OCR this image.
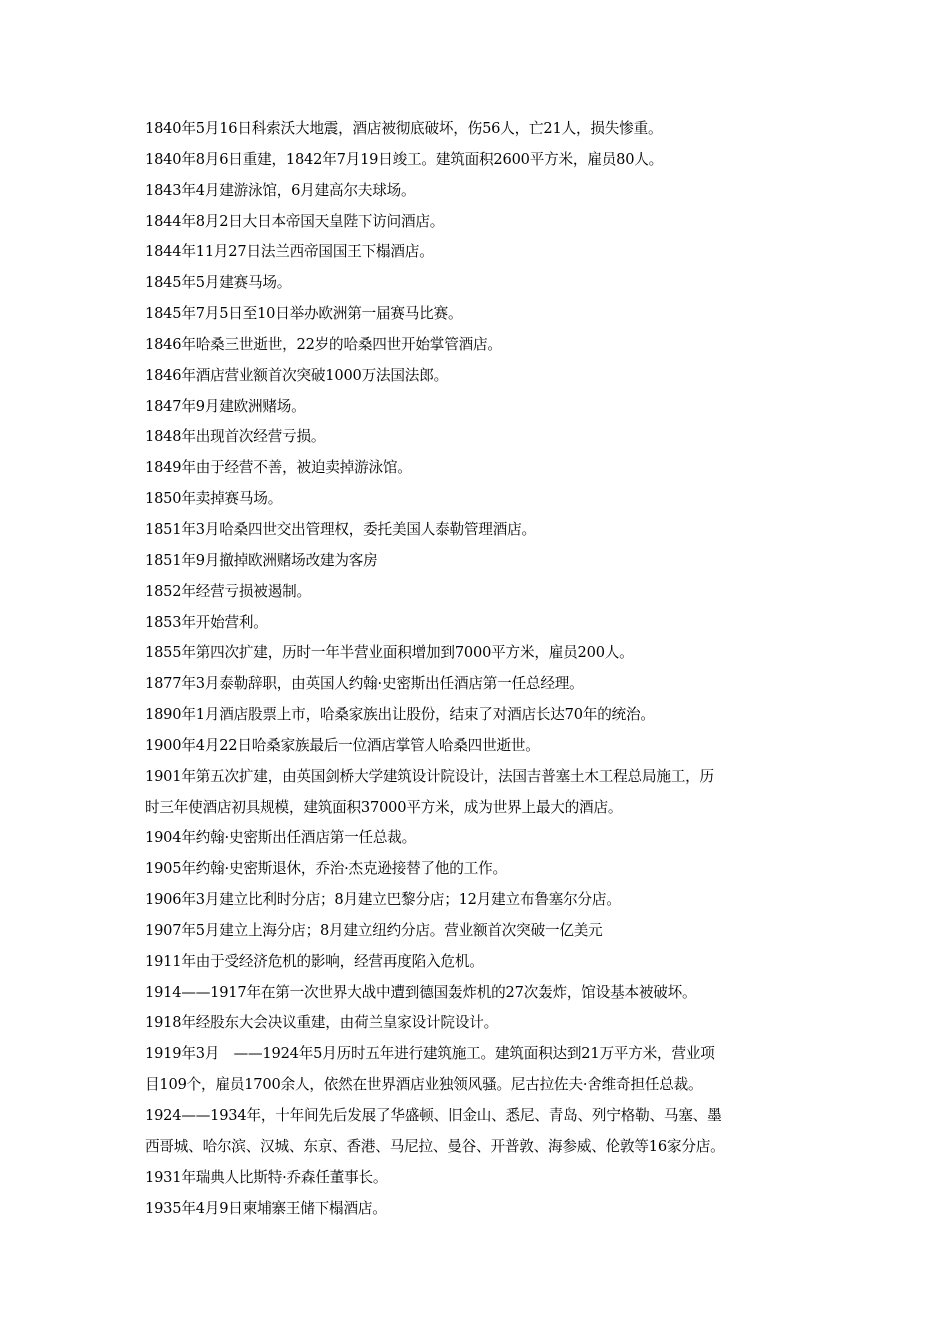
1840年5月16日科索沃大地震，酒店被彻底破坏，伤56人，亡21人，损失惨重。
1840年8月6日重建，1842年7月19日竣工。建筑面积2600平方米，雇员80人。
1843年4月建游泳馆，6月建高尔夫球场。
1844年8月2日大日本帝国天皇陛下访问酒店。
1844年11月27日法兰西帝国国王下榻酒店。
1845年5月建赛马场。
1845年7月5日至10日举办欧洲第一届赛马比赛。
1846年哈桑三世逝世，22岁的哈桑四世开始掌管酒店。
1846年酒店营业额首次突破1000万法国法郎。
1847年9月建欧洲赌场。
1848年出现首次经营亏损。
1849年由于经营不善，被迫卖掉游泳馆。
1850年卖掉赛马场。
1851年3月哈桑四世交出管理权，委托美国人泰勒管理酒店。
1851年9月撤掉欧洲赌场改建为客房
1852年经营亏损被遏制。
1853年开始营利。
1855年第四次扩建，历时一年半营业面积增加到7000平方米，雇员200人。
1877年3月泰勒辞职，由英国人约翰·史密斯出任酒店第一任总经理。
1890年1月酒店股票上市，哈桑家族出让股份，结束了对酒店长达70年的统治。
1900年4月22日哈桑家族最后一位酒店掌管人哈桑四世逝世。
1901年第五次扩建，由英国剑桥大学建筑设计院设计，法国吉普塞土木工程总局施工，历
时三年使酒店初具规模，建筑面积37000平方米，成为世界上最大的酒店。
1904年约翰·史密斯出任酒店第一任总裁。
1905年约翰·史密斯退休，乔治·杰克逊接替了他的工作。
1906年3月建立比利时分店；8月建立巴黎分店；12月建立布鲁塞尔分店。
1907年5月建立上海分店；8月建立纽约分店。营业额首次突破一亿美元
1911年由于受经济危机的影响，经营再度陷入危机。
1914——1917年在第一次世界大战中遭到德国轰炸机的27次轰炸，馆设基本被破坏。
1918年经股东大会决议重建，由荷兰皇家设计院设计。
1919年3月　——1924年5月历时五年进行建筑施工。建筑面积达到21万平方米，营业项
目109个，雇员1700余人，依然在世界酒店业独领风骚。尼古拉佐夫·舍维奇担任总裁。
1924——1934年，十年间先后发展了华盛顿、旧金山、悉尼、青岛、列宁格勒、马塞、墨
西哥城、哈尔滨、汉城、东京、香港、马尼拉、曼谷、开普敦、海参威、伦敦等16家分店。
1931年瑞典人比斯特·乔森任董事长。
1935年4月9日柬埔寨王储下榻酒店。
